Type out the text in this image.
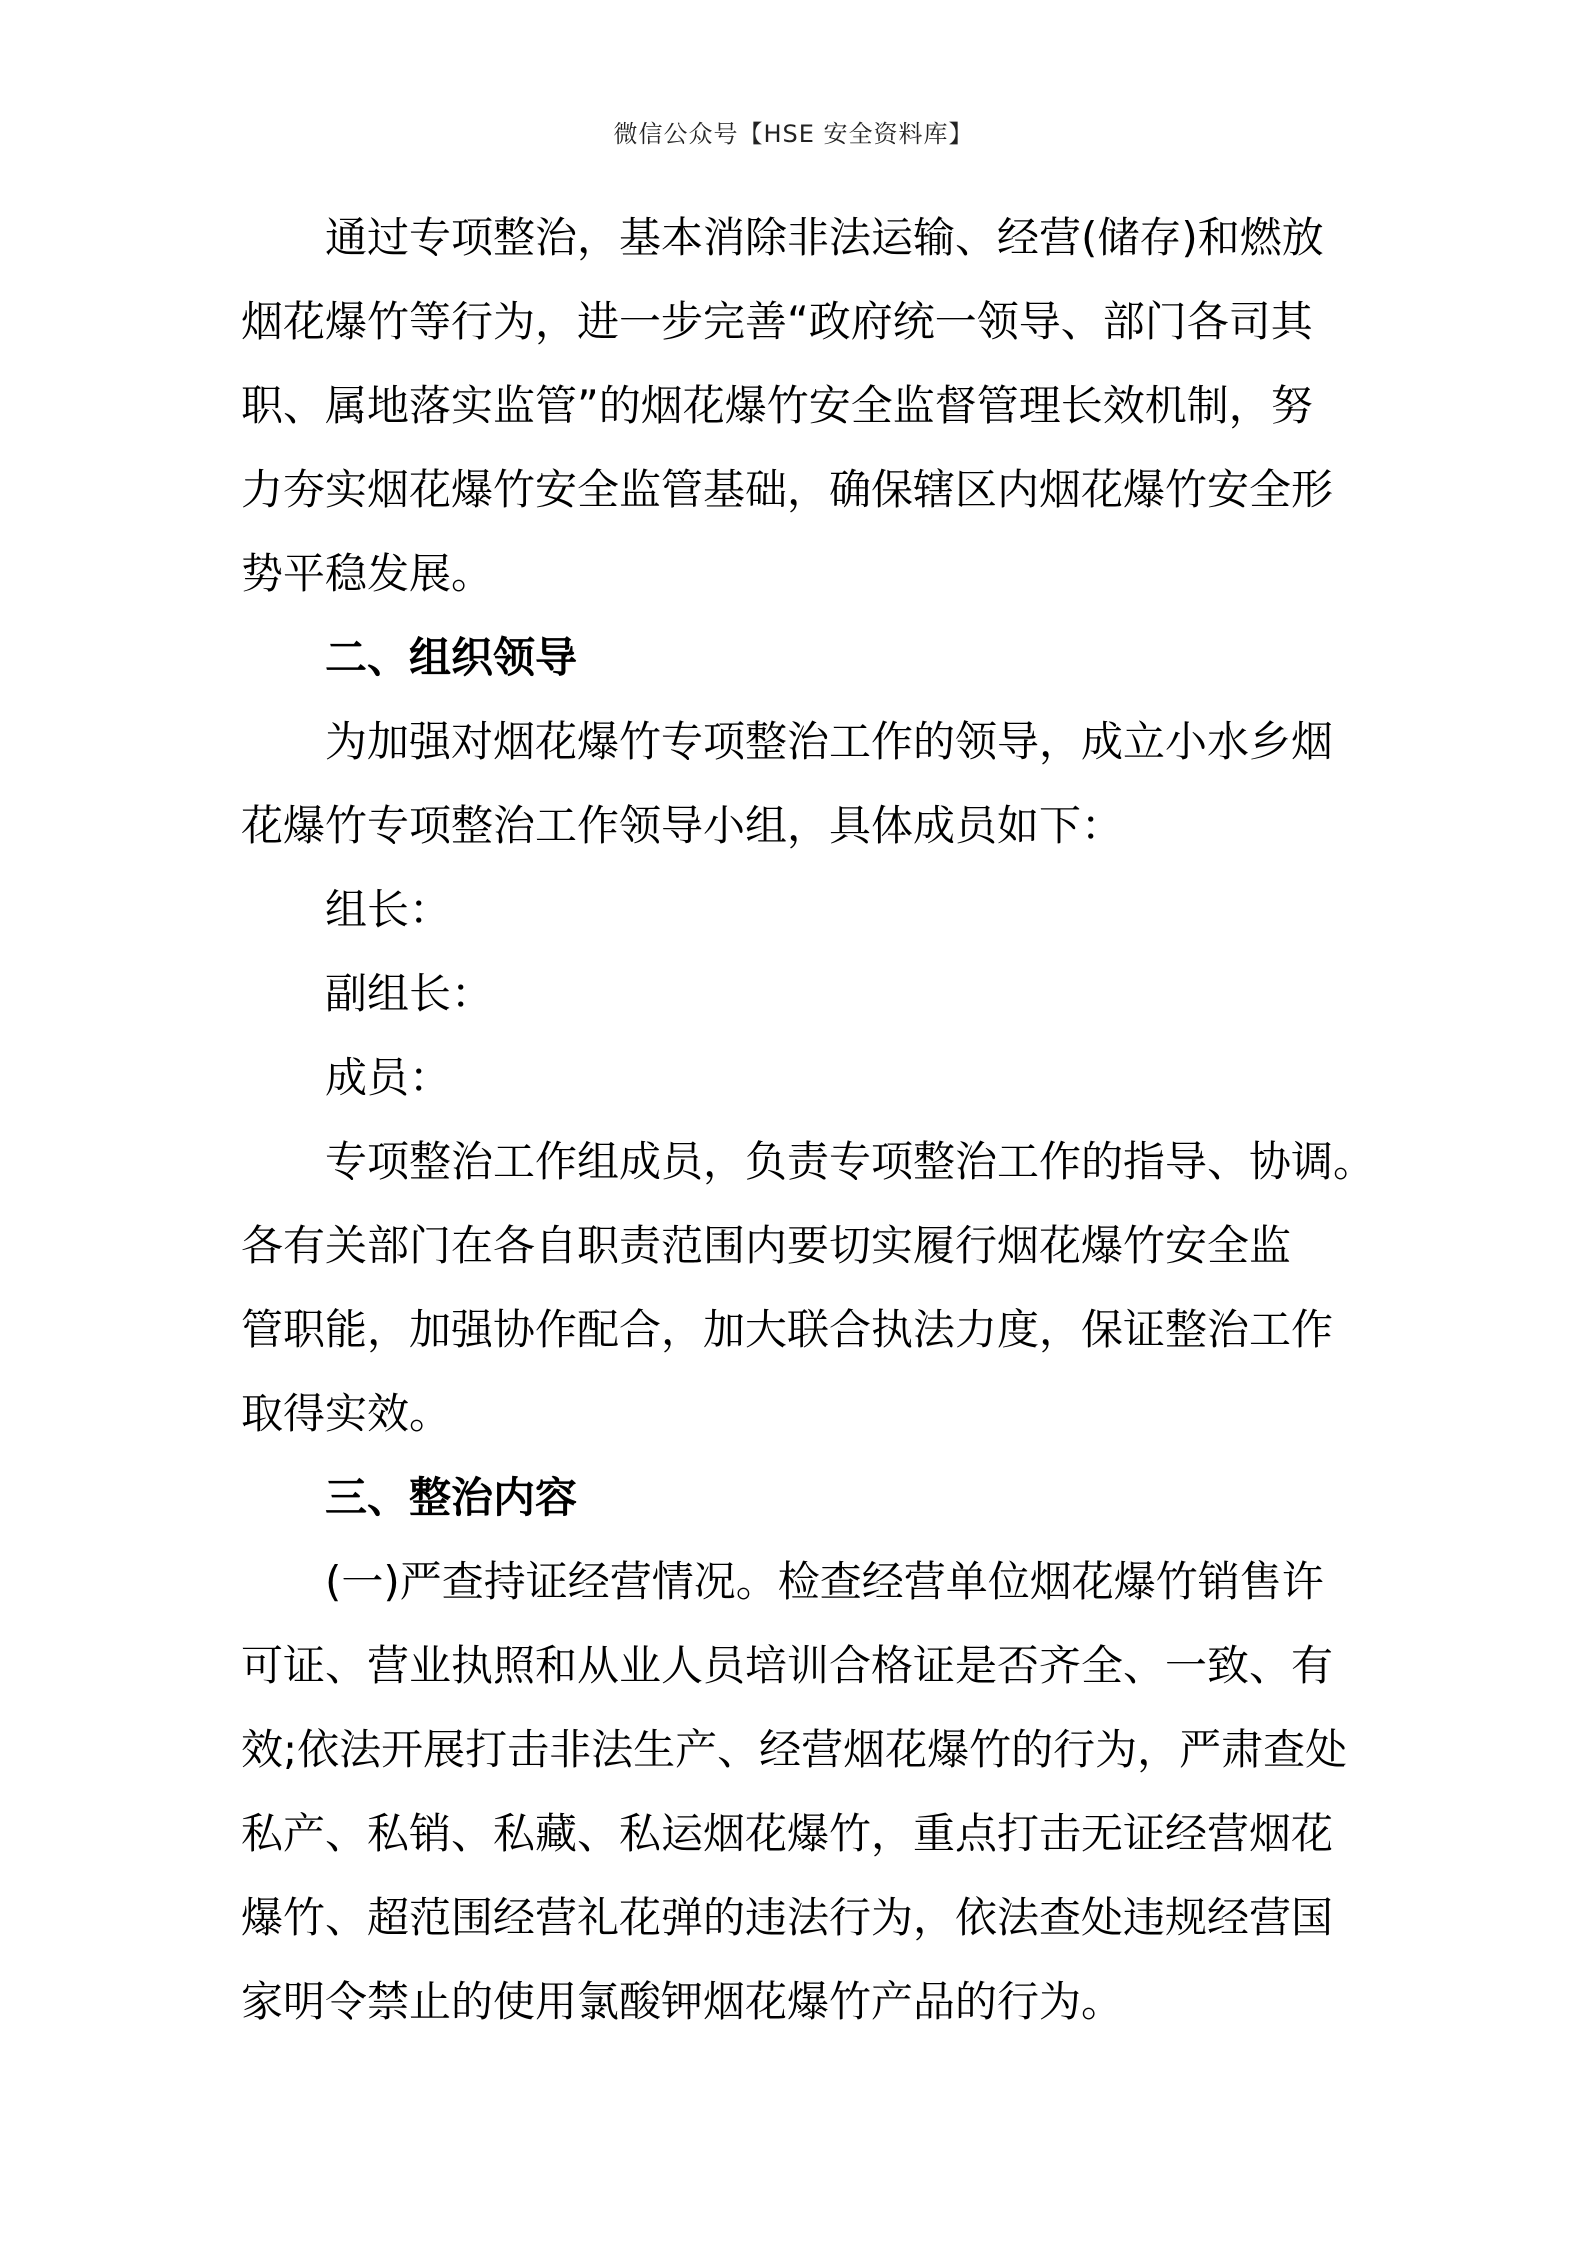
微信公众号【HSE 安全资料库】

通过专项整治，基本消除非法运输、经营(储存)和燃放

烟花爆竹等行为，进一步完善“政府统一领导、部门各司其

职、属地落实监管”的烟花爆竹安全监督管理长效机制，努

力夯实烟花爆竹安全监管基础，确保辖区内烟花爆竹安全形

势平稳发展。

二、组织领导

为加强对烟花爆竹专项整治工作的领导，成立小水乡烟

花爆竹专项整治工作领导小组，具体成员如下：

组长：

副组长：

成员：

专项整治工作组成员，负责专项整治工作的指导、协调。

各有关部门在各自职责范围内要切实履行烟花爆竹安全监

管职能，加强协作配合，加大联合执法力度，保证整治工作

取得实效。

三、整治内容

(一)严查持证经营情况。检查经营单位烟花爆竹销售许

可证、营业执照和从业人员培训合格证是否齐全、一致、有

效;依法开展打击非法生产、经营烟花爆竹的行为，严肃查处

私产、私销、私藏、私运烟花爆竹，重点打击无证经营烟花

爆竹、超范围经营礼花弹的违法行为，依法查处违规经营国

家明令禁止的使用氯酸钾烟花爆竹产品的行为。
